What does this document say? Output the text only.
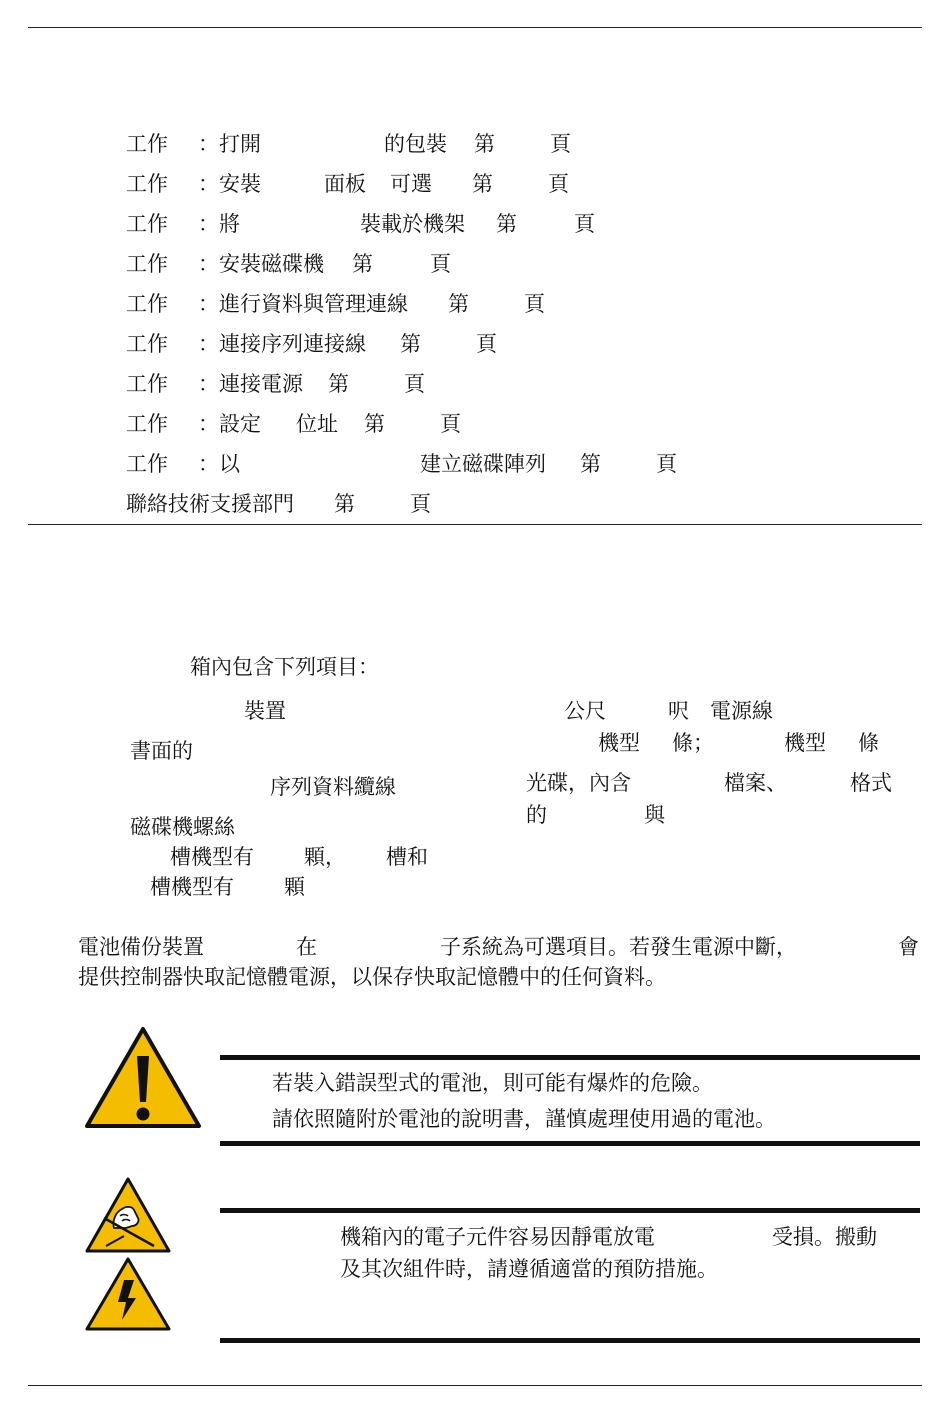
工作 ：打開	的包裝 第	頁
工作 ：安裝	面板 可選 第	頁
工作 ：將	裝載於機架 第	頁
工作 ：安裝磁碟機 第	頁
工作 ：進行資料與管理連線 第	頁
工作 ：連接序列連接線 第	頁
工作 ：連接電源 第	頁
工作 ：設定 位址 第	頁
工作 ：以	建立磁碟陣列 第	頁
聯絡技術支援部門 第	頁
箱內包含下列項目：
裝置
書面的
序列資料纜線
磁碟機螺絲
槽機型有 顆， 槽和
槽機型有 顆
公尺	呎 電源線
機型 條；	機型 條
光碟，內含	檔案、	格式
的	與
電池備份裝置	在	子系統為可選項目。若發生電源中斷，	會
提供控制器快取記憶體電源，以保存快取記憶體中的任何資料。
若裝入錯誤型式的電池，則可能有爆炸的危險。
請依照隨附於電池的說明書，謹慎處理使用過的電池。
機箱內的電子元件容易因靜電放電	受損。搬動
及其次組件時，請遵循適當的預防措施。
